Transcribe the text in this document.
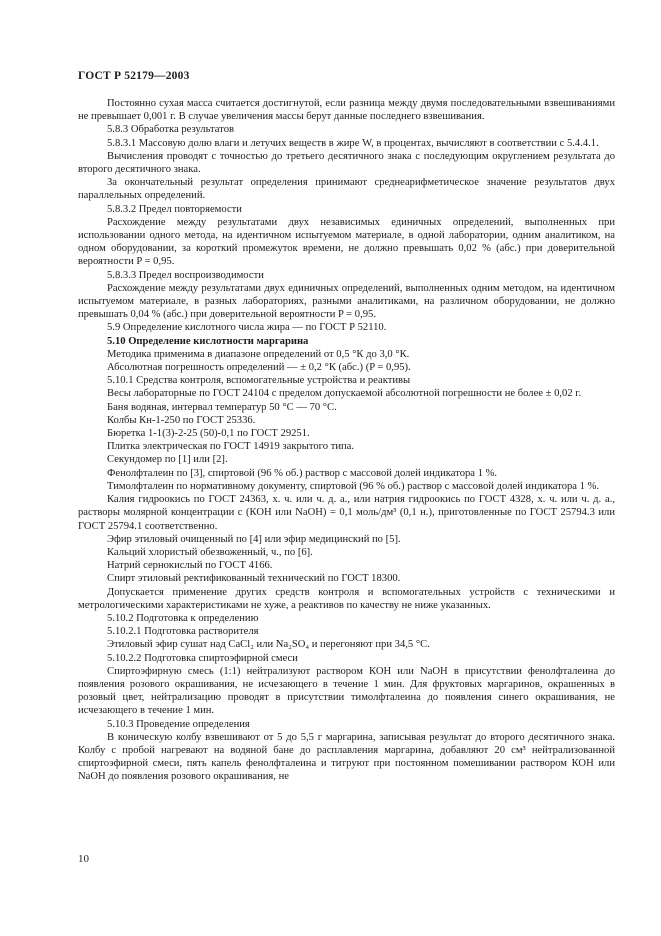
ГОСТ Р 52179—2003

Постоянно сухая масса считается достигнутой, если разница между двумя последовательными взвешиваниями не превышает 0,001 г. В случае увеличения массы берут данные последнего взвешивания.

5.8.3 Обработка результатов

5.8.3.1 Массовую долю влаги и летучих веществ в жире W, в процентах, вычисляют в соответствии с 5.4.4.1.

Вычисления проводят с точностью до третьего десятичного знака с последующим округлением результата до второго десятичного знака.

За окончательный результат определения принимают среднеарифметическое значение результатов двух параллельных определений.

5.8.3.2 Предел повторяемости

Расхождение между результатами двух независимых единичных определений, выполненных при использовании одного метода, на идентичном испытуемом материале, в одной лаборатории, одним аналитиком, на одном оборудовании, за короткий промежуток времени, не должно превышать 0,02 % (абс.) при доверительной вероятности P = 0,95.

5.8.3.3 Предел воспроизводимости

Расхождение между результатами двух единичных определений, выполненных одним методом, на идентичном испытуемом материале, в разных лабораториях, разными аналитиками, на различном оборудовании, не должно превышать 0,04 % (абс.) при доверительной вероятности P = 0,95.

5.9 Определение кислотного числа жира — по ГОСТ Р 52110.

5.10 Определение кислотности маргарина

Методика применима в диапазоне определений от 0,5 °К до 3,0 °К.

Абсолютная погрешность определений — ± 0,2 °К (абс.) (P = 0,95).

5.10.1 Средства контроля, вспомогательные устройства и реактивы

Весы лабораторные по ГОСТ 24104 с пределом допускаемой абсолютной погрешности не более ± 0,02 г.

Баня водяная, интервал температур 50 °С — 70 °С.

Колбы Кн-1-250 по ГОСТ 25336.

Бюретка 1-1(3)-2-25 (50)-0,1 по ГОСТ 29251.

Плитка электрическая по ГОСТ 14919 закрытого типа.

Секундомер по [1] или [2].

Фенолфталеин по [3], спиртовой (96 % об.) раствор с массовой долей индикатора 1 %.

Тимолфталеин по нормативному документу, спиртовой (96 % об.) раствор с массовой долей индикатора 1 %.

Калия гидроокись по ГОСТ 24363, х. ч. или ч. д. а., или натрия гидроокись по ГОСТ 4328, х. ч. или ч. д. а., растворы молярной концентрации c (КОН или NaOH) = 0,1 моль/дм³ (0,1 н.), приготовленные по ГОСТ 25794.3 или ГОСТ 25794.1 соответственно.

Эфир этиловый очищенный по [4] или эфир медицинский по [5].

Кальций хлористый обезвоженный, ч., по [6].

Натрий сернокислый по ГОСТ 4166.

Спирт этиловый ректификованный технический по ГОСТ 18300.

Допускается применение других средств контроля и вспомогательных устройств с техническими и метрологическими характеристиками не хуже, а реактивов по качеству не ниже указанных.

5.10.2 Подготовка к определению

5.10.2.1 Подготовка растворителя

Этиловый эфир сушат над CaCl₂ или Na₂SO₄ и перегоняют при 34,5 °С.

5.10.2.2 Подготовка спиртоэфирной смеси

Спиртоэфирную смесь (1:1) нейтрализуют раствором КОН или NaOH в присутствии фенолфталеина до появления розового окрашивания, не исчезающего в течение 1 мин. Для фруктовых маргаринов, окрашенных в розовый цвет, нейтрализацию проводят в присутствии тимолфталеина до появления синего окрашивания, не исчезающего в течение 1 мин.

5.10.3 Проведение определения

В коническую колбу взвешивают от 5 до 5,5 г маргарина, записывая результат до второго десятичного знака. Колбу с пробой нагревают на водяной бане до расплавления маргарина, добавляют 20 см³ нейтрализованной спиртоэфирной смеси, пять капель фенолфталеина и титруют при постоянном помешивании раствором КОН или NaOH до появления розового окрашивания, не

10
